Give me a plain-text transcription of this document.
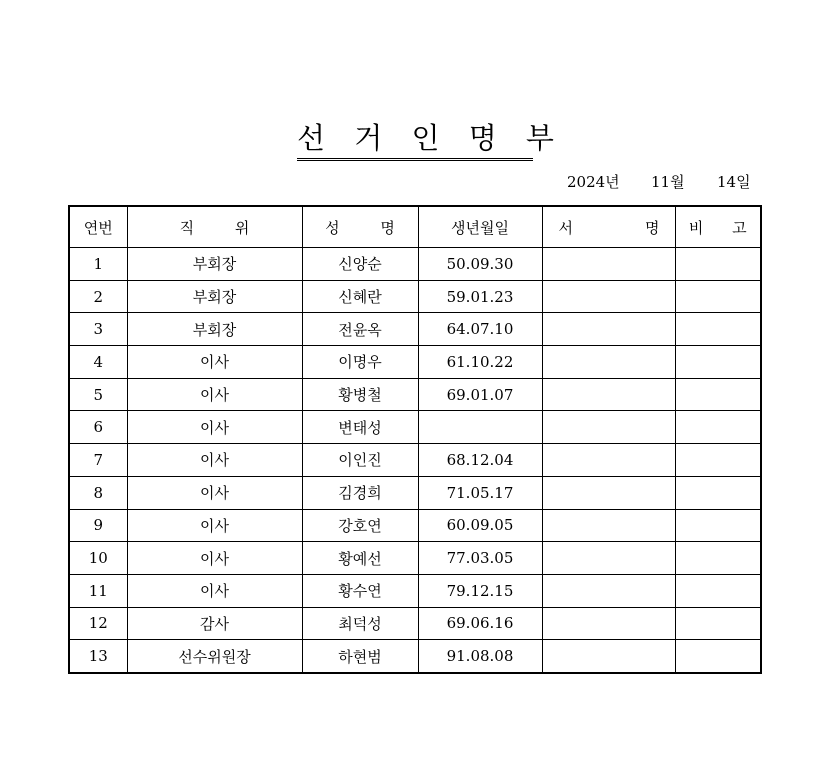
선 거 인 명 부
2024년 11월 14일
연번	직 위	성 명	생년월일	서 명	비 고
1	부회장	신양순	50.09.30		
2	부회장	신혜란	59.01.23		
3	부회장	전윤옥	64.07.10		
4	이사	이명우	61.10.22		
5	이사	황병철	69.01.07		
6	이사	변태성			
7	이사	이인진	68.12.04		
8	이사	김경희	71.05.17		
9	이사	강호연	60.09.05		
10	이사	황예선	77.03.05		
11	이사	황수연	79.12.15		
12	감사	최덕성	69.06.16		
13	선수위원장	하현범	91.08.08		
